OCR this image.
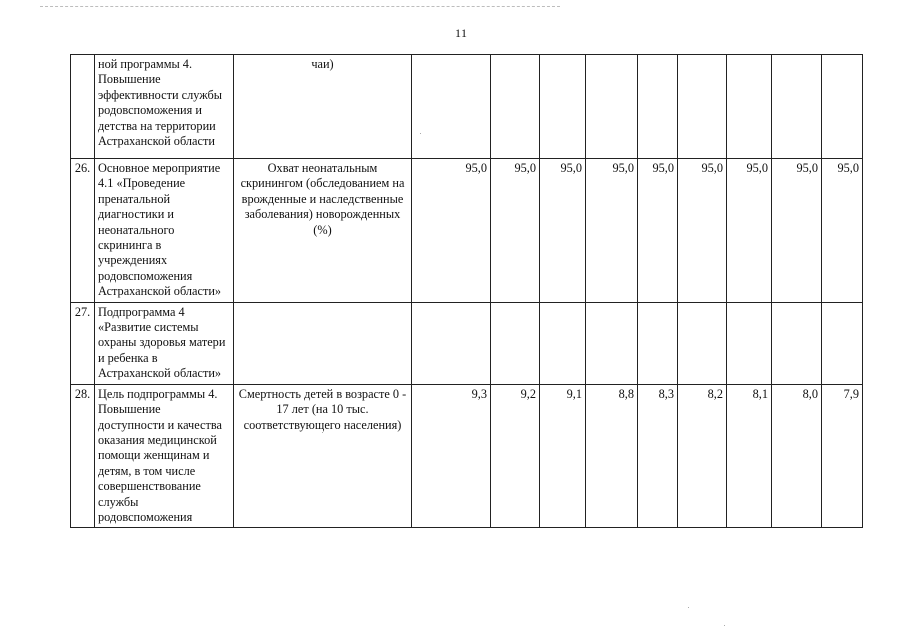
11
	ной программы 4. Повышение эффективности службы родовспоможения и детства на территории Астраханской области	чаи)									
26.	Основное мероприятие 4.1 «Проведение пренатальной диагностики и неонатального скрининга в учреждениях родовспоможения Астраханской области»	Охват неонатальным скринингом (обследованием на врожденные и наследственные заболевания) новорожденных (%)	95,0	95,0	95,0	95,0	95,0	95,0	95,0	95,0	95,0
27.	Подпрограмма 4 «Развитие системы охраны здоровья матери и ребенка в Астраханской области»										
28.	Цель подпрограммы 4. Повышение доступности и качества оказания медицинской помощи женщинам и детям, в том числе совершенствование службы родовспоможения	Смертность детей в возрасте 0 - 17 лет (на 10 тыс. соответствующего населения)	9,3	9,2	9,1	8,8	8,3	8,2	8,1	8,0	7,9
